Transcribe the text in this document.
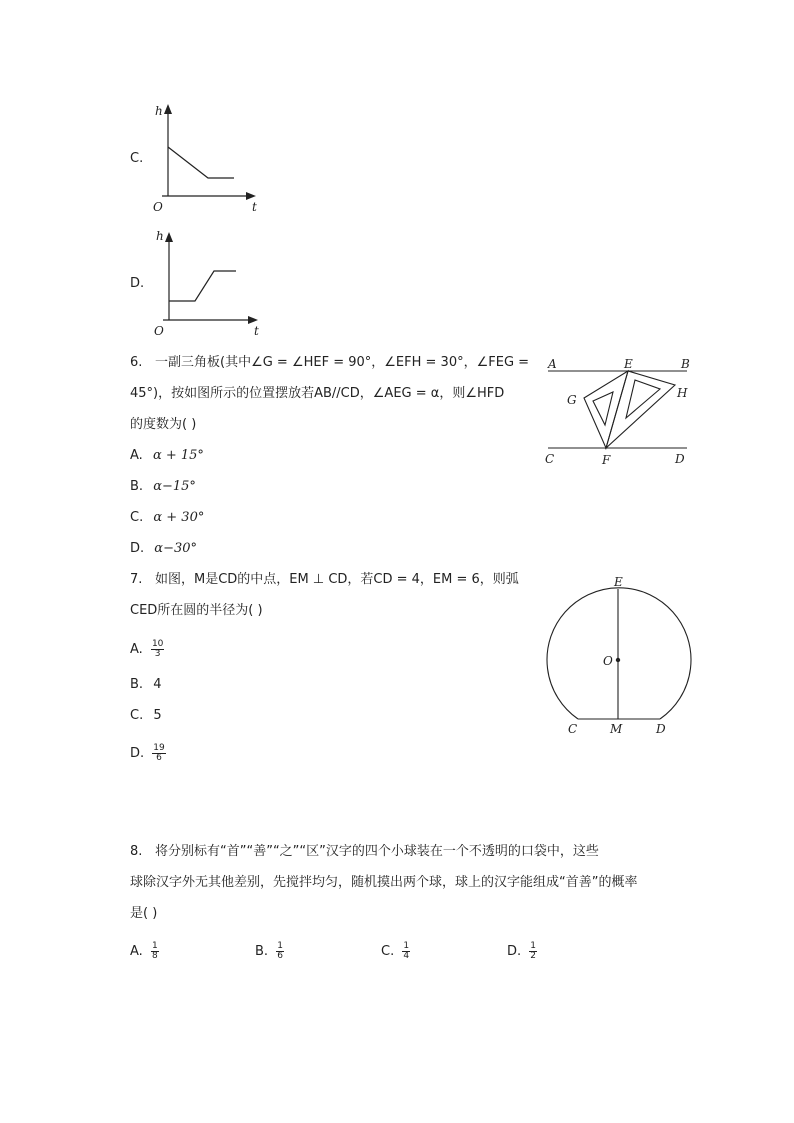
C.
h
t
O
D.
h
t
O
6. 一副三角板(其中∠G = ∠HEF = 90°，∠EFH = 30°，∠FEG =
45°)，按如图所示的位置摆放若AB//CD，∠AEG = α，则∠HFD
的度数为( )
A. α + 15°
B. α−15°
C. α + 30°
D. α−30°
A	E	B
G	H
C	F	D
7. 如图，M是CD的中点，EM ⊥ CD，若CD = 4，EM = 6，则弧
CED所在圆的半径为( )
A. $\frac{10}{3}$
B. 4
C. 5
D. $\frac{19}{6}$
E
O
C	M	D
8. 将分别标有“首”“善”“之”“区”汉字的四个小球装在一个不透明的口袋中，这些
球除汉字外无其他差别，先搅拌均匀，随机摸出两个球，球上的汉字能组成“首善”的概率
是( )
A. $\frac{1}{8}$	B. $\frac{1}{6}$	C. $\frac{1}{4}$	D. $\frac{1}{2}$
